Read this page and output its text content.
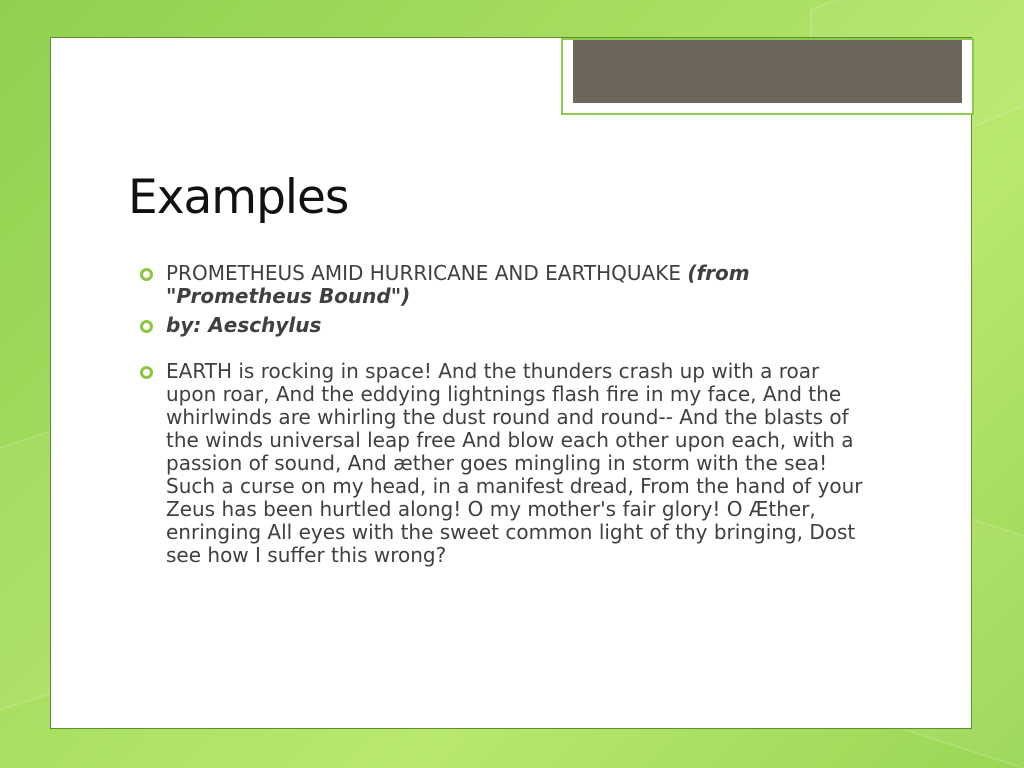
Examples
PROMETHEUS AMID HURRICANE AND EARTHQUAKE (from "Prometheus Bound")
by: Aeschylus
EARTH is rocking in space! And the thunders crash up with a roar upon roar, And the eddying lightnings flash fire in my face, And the whirlwinds are whirling the dust round and round-- And the blasts of the winds universal leap free And blow each other upon each, with a passion of sound, And æther goes mingling in storm with the sea! Such a curse on my head, in a manifest dread, From the hand of your Zeus has been hurtled along! O my mother's fair glory! O Æther, enringing All eyes with the sweet common light of thy bringing, Dost see how I suffer this wrong?
